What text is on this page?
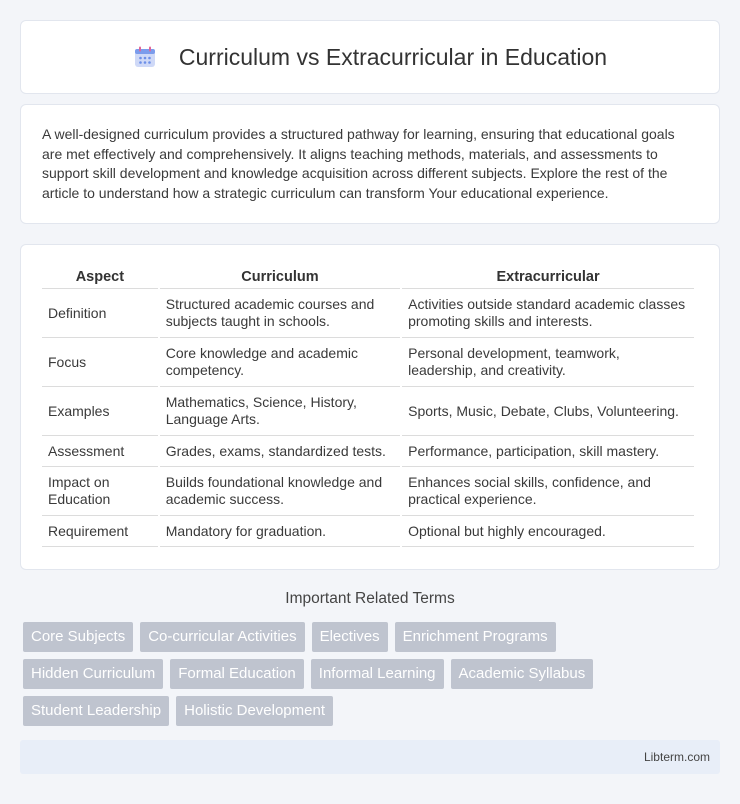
Curriculum vs Extracurricular in Education

A well-designed curriculum provides a structured pathway for learning, ensuring that educational goals are met effectively and comprehensively. It aligns teaching methods, materials, and assessments to support skill development and knowledge acquisition across different subjects. Explore the rest of the article to understand how a strategic curriculum can transform Your educational experience.

Aspect	Curriculum	Extracurricular
Definition	Structured academic courses and subjects taught in schools.	Activities outside standard academic classes promoting skills and interests.
Focus	Core knowledge and academic competency.	Personal development, teamwork, leadership, and creativity.
Examples	Mathematics, Science, History, Language Arts.	Sports, Music, Debate, Clubs, Volunteering.
Assessment	Grades, exams, standardized tests.	Performance, participation, skill mastery.
Impact on Education	Builds foundational knowledge and academic success.	Enhances social skills, confidence, and practical experience.
Requirement	Mandatory for graduation.	Optional but highly encouraged.
Important Related Terms
Core Subjects	Co-curricular Activities	Electives	Enrichment Programs
Hidden Curriculum	Formal Education	Informal Learning	Academic Syllabus
Student Leadership	Holistic Development
Libterm.com
